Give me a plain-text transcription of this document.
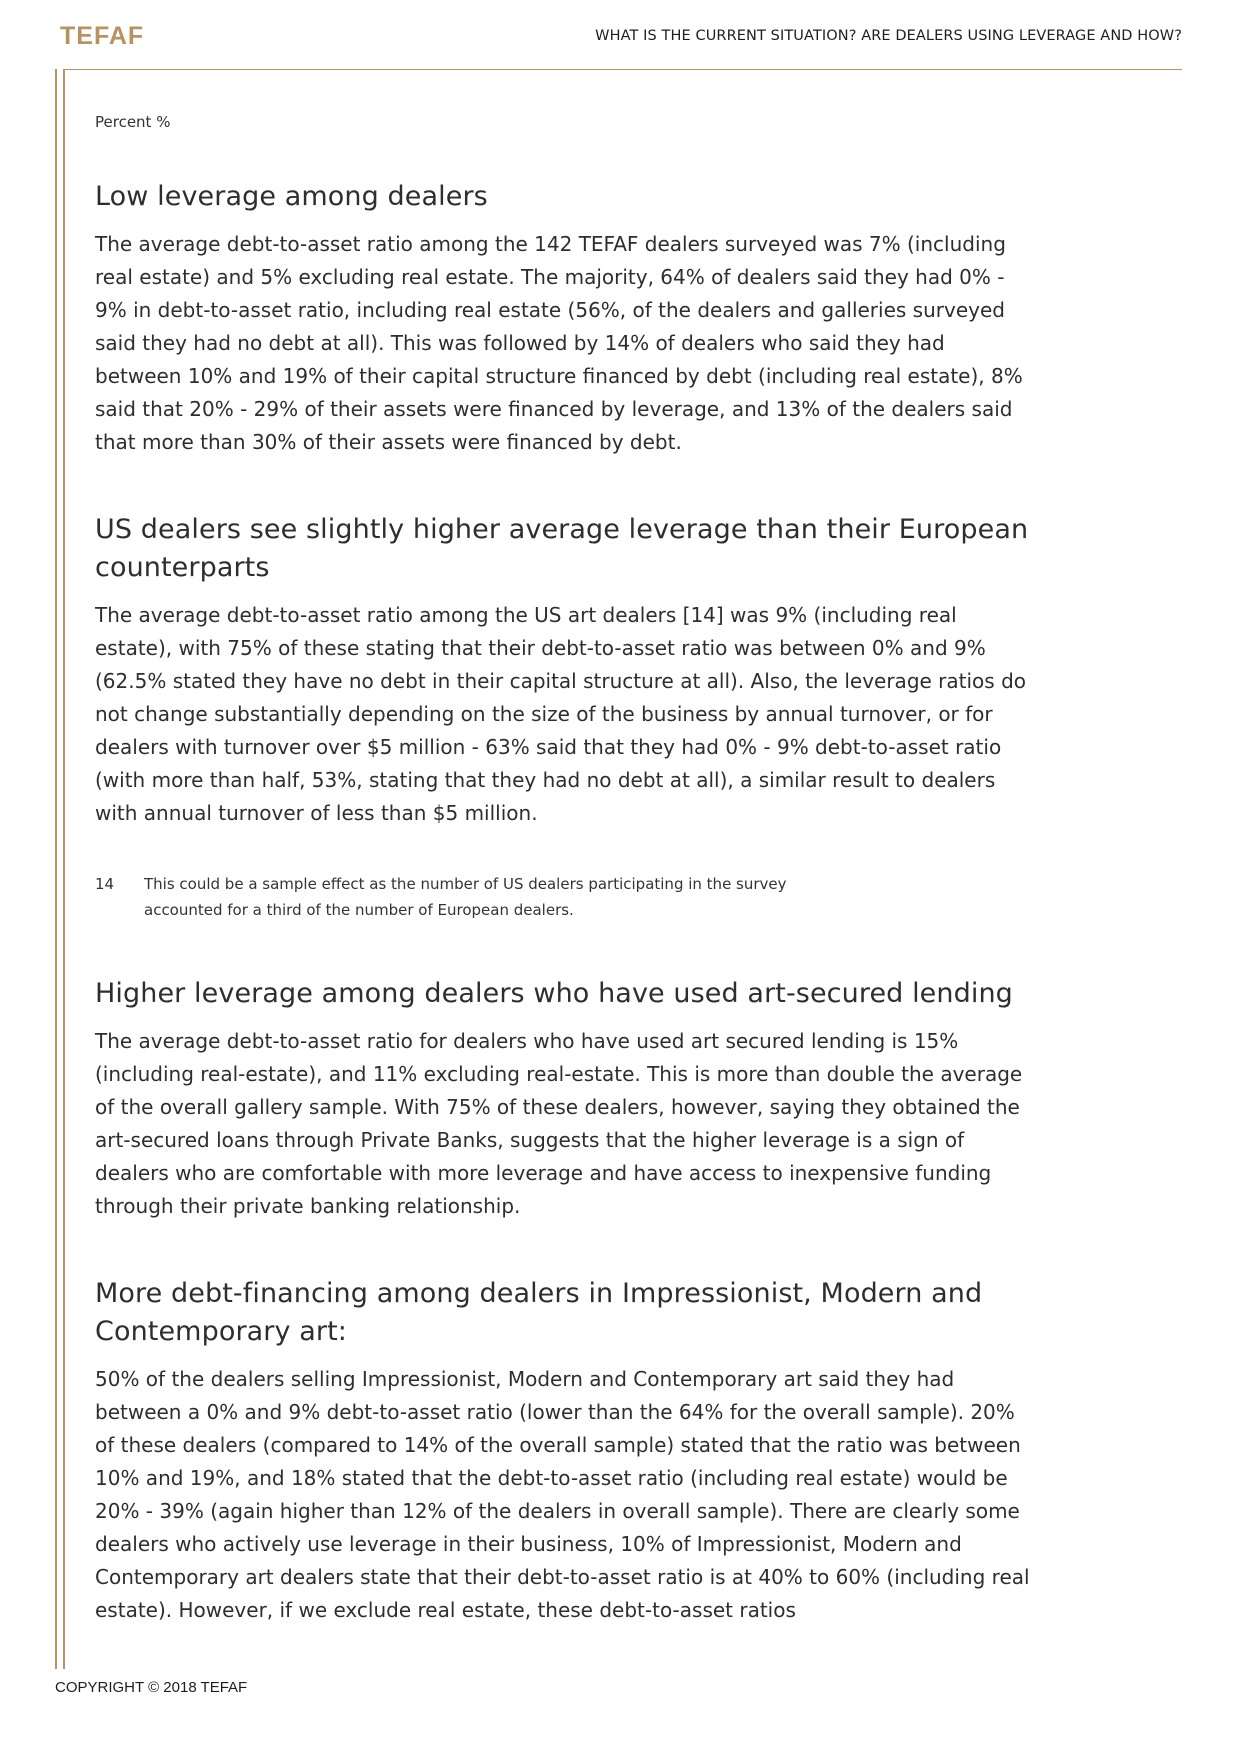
TEFAF	WHAT IS THE CURRENT SITUATION? ARE DEALERS USING LEVERAGE AND HOW?
Percent %
Low leverage among dealers

The average debt-to-asset ratio among the 142 TEFAF dealers surveyed was 7% (including real estate) and 5% excluding real estate. The majority, 64% of dealers said they had 0% - 9% in debt-to-asset ratio, including real estate (56%, of the dealers and galleries surveyed said they had no debt at all). This was followed by 14% of dealers who said they had between 10% and 19% of their capital structure financed by debt (including real estate), 8% said that 20% - 29% of their assets were financed by leverage, and 13% of the dealers said that more than 30% of their assets were financed by debt.

US dealers see slightly higher average leverage than their European counterparts

The average debt-to-asset ratio among the US art dealers [14] was 9% (including real estate), with 75% of these stating that their debt-to-asset ratio was between 0% and 9% (62.5% stated they have no debt in their capital structure at all). Also, the leverage ratios do not change substantially depending on the size of the business by annual turnover, or for dealers with turnover over $5 million - 63% said that they had 0% - 9% debt-to-asset ratio (with more than half, 53%, stating that they had no debt at all), a similar result to dealers with annual turnover of less than $5 million.

14	This could be a sample effect as the number of US dealers participating in the survey accounted for a third of the number of European dealers.
Higher leverage among dealers who have used art-secured lending

The average debt-to-asset ratio for dealers who have used art secured lending is 15% (including real-estate), and 11% excluding real-estate. This is more than double the average of the overall gallery sample. With 75% of these dealers, however, saying they obtained the art-secured loans through Private Banks, suggests that the higher leverage is a sign of dealers who are comfortable with more leverage and have access to inexpensive funding through their private banking relationship.

More debt-financing among dealers in Impressionist, Modern and Contemporary art:

50% of the dealers selling Impressionist, Modern and Contemporary art said they had between a 0% and 9% debt-to-asset ratio (lower than the 64% for the overall sample). 20% of these dealers (compared to 14% of the overall sample) stated that the ratio was between 10% and 19%, and 18% stated that the debt-to-asset ratio (including real estate) would be 20% - 39% (again higher than 12% of the dealers in overall sample). There are clearly some dealers who actively use leverage in their business, 10% of Impressionist, Modern and Contemporary art dealers state that their debt-to-asset ratio is at 40% to 60% (including real estate). However, if we exclude real estate, these debt-to-asset ratios

COPYRIGHT © 2018 TEFAF
